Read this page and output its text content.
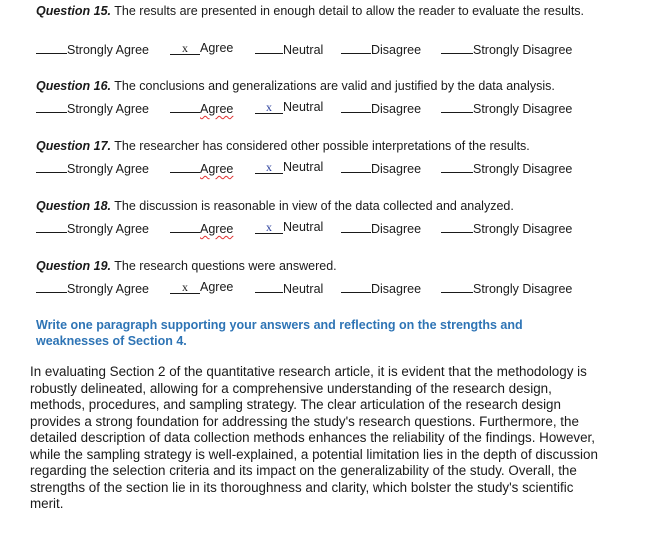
Question 15. The results are presented in enough detail to allow the reader to evaluate the results.

Strongly Agree	x Agree	Neutral	Disagree	Strongly Disagree

Question 16. The conclusions and generalizations are valid and justified by the data analysis.

Strongly Agree	Agree	x Neutral	Disagree	Strongly Disagree

Question 17. The researcher has considered other possible interpretations of the results.

Strongly Agree	Agree	x Neutral	Disagree	Strongly Disagree

Question 18. The discussion is reasonable in view of the data collected and analyzed.

Strongly Agree	Agree	x Neutral	Disagree	Strongly Disagree

Question 19. The research questions were answered.

Strongly Agree	x Agree	Neutral	Disagree	Strongly Disagree

Write one paragraph supporting your answers and reflecting on the strengths and weaknesses of Section 4.

In evaluating Section 2 of the quantitative research article, it is evident that the methodology is robustly delineated, allowing for a comprehensive understanding of the research design, methods, procedures, and sampling strategy. The clear articulation of the research design provides a strong foundation for addressing the study's research questions. Furthermore, the detailed description of data collection methods enhances the reliability of the findings. However, while the sampling strategy is well-explained, a potential limitation lies in the depth of discussion regarding the selection criteria and its impact on the generalizability of the study. Overall, the strengths of the section lie in its thoroughness and clarity, which bolster the study's scientific merit.
